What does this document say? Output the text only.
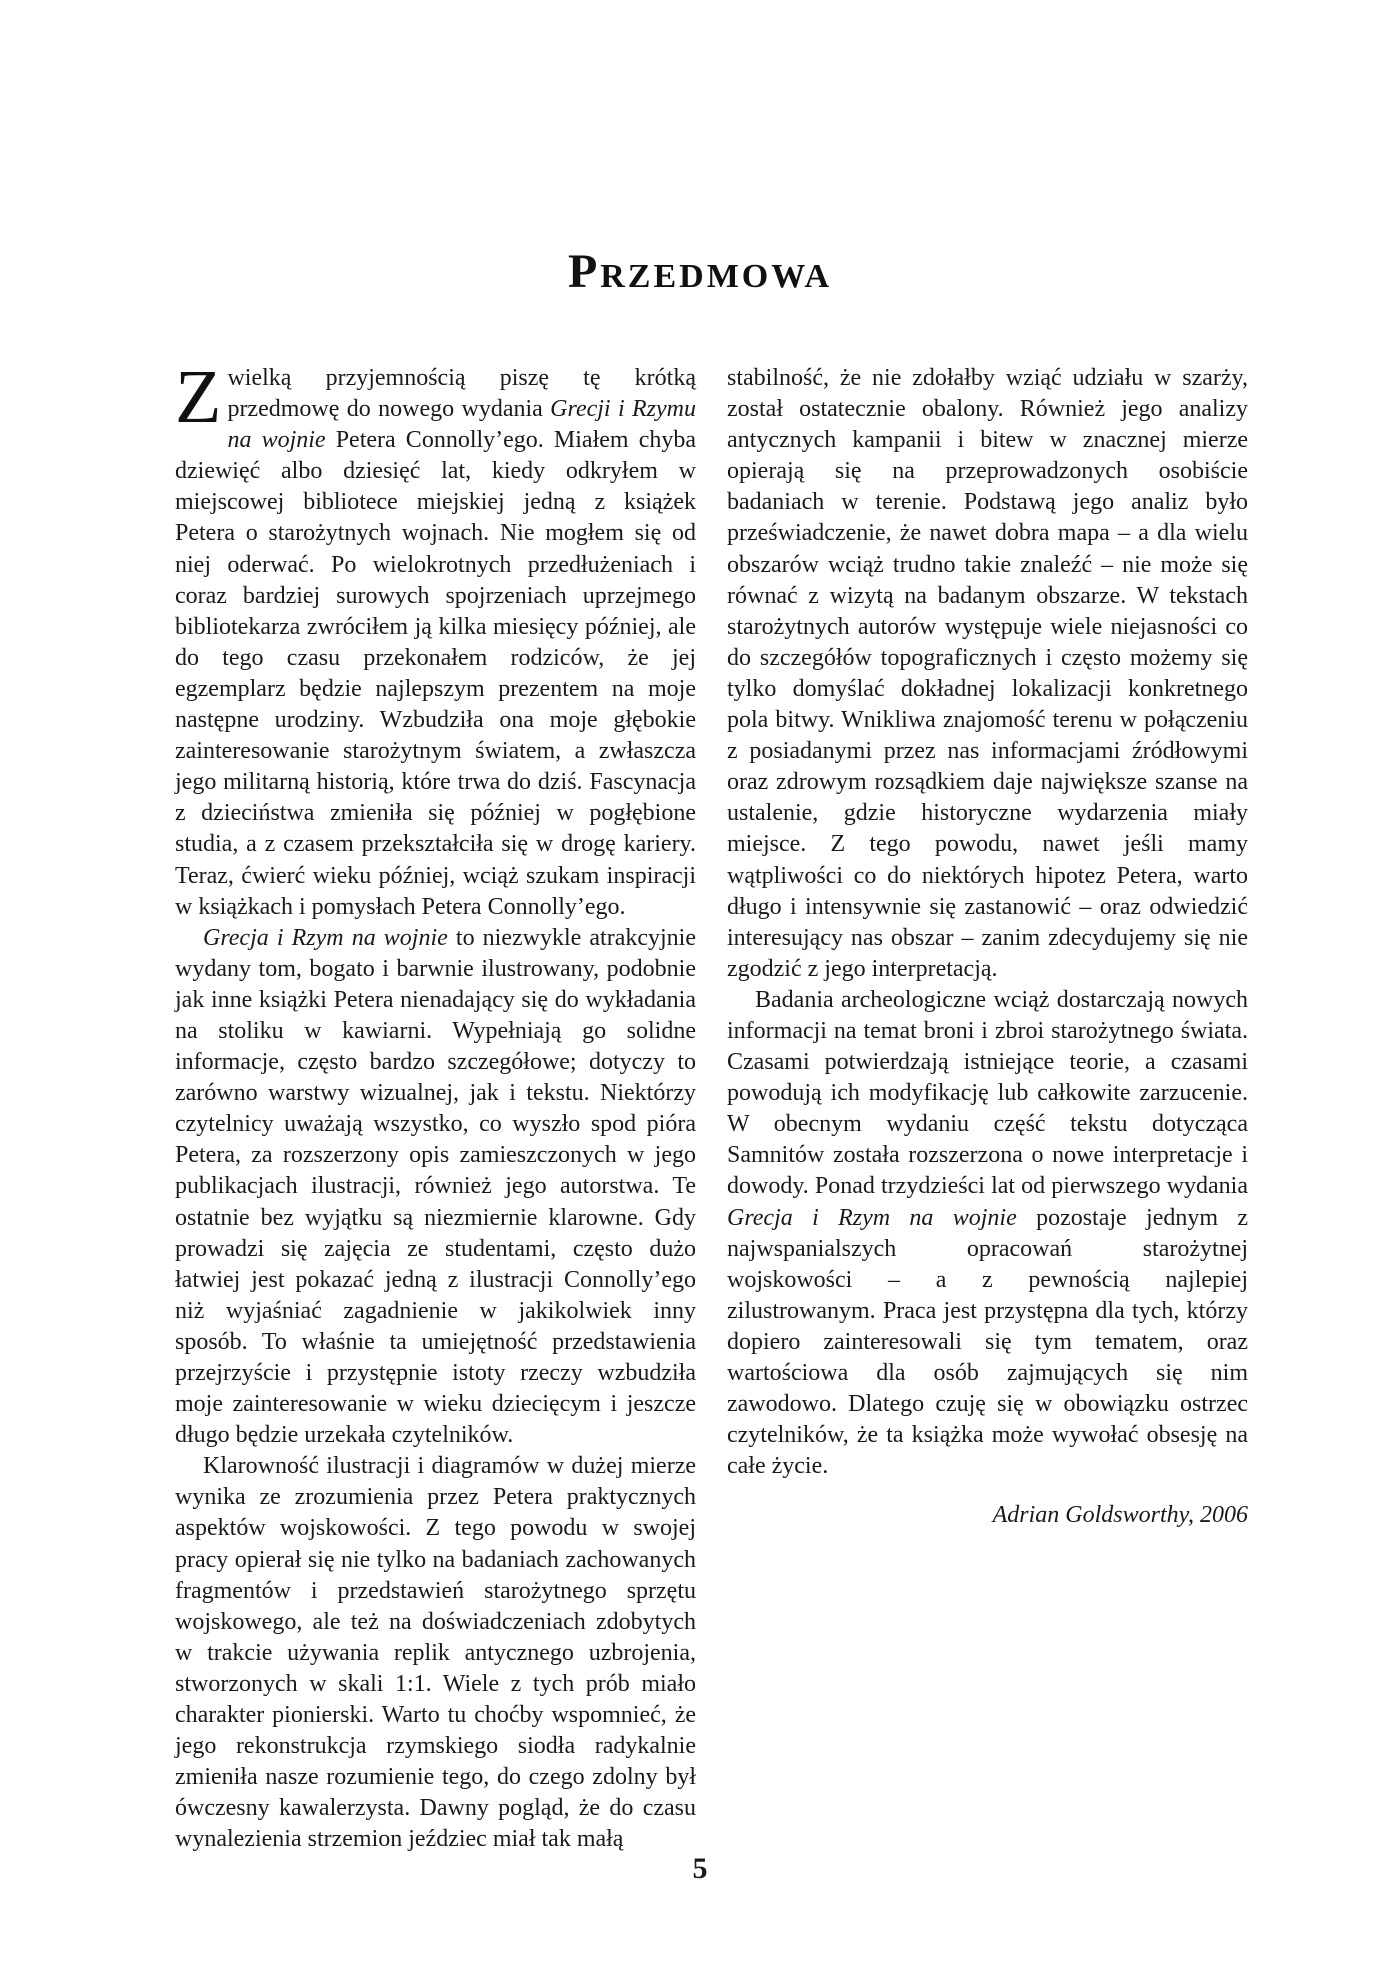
Przedmowa

Z wielką przyjemnością piszę tę krótką przedmowę do nowego wydania Grecji i Rzymu na wojnie Petera Connolly’ego. Miałem chyba dziewięć albo dziesięć lat, kiedy odkryłem w miejscowej bibliotece miejskiej jedną z książek Petera o starożytnych wojnach. Nie mogłem się od niej oderwać. Po wielokrotnych przedłużeniach i coraz bardziej surowych spojrzeniach uprzejmego bibliotekarza zwróciłem ją kilka miesięcy później, ale do tego czasu przekonałem rodziców, że jej egzemplarz będzie najlepszym prezentem na moje następne urodziny. Wzbudziła ona moje głębokie zainteresowanie starożytnym światem, a zwłaszcza jego militarną historią, które trwa do dziś. Fascynacja z dzieciństwa zmieniła się później w pogłębione studia, a z czasem przekształciła się w drogę kariery. Teraz, ćwierć wieku później, wciąż szukam inspiracji w książkach i pomysłach Petera Connolly’ego.

Grecja i Rzym na wojnie to niezwykle atrakcyjnie wydany tom, bogato i barwnie ilustrowany, podobnie jak inne książki Petera nienadający się do wykładania na stoliku w kawiarni. Wypełniają go solidne informacje, często bardzo szczegółowe; dotyczy to zarówno warstwy wizualnej, jak i tekstu. Niektórzy czytelnicy uważają wszystko, co wyszło spod pióra Petera, za rozszerzony opis zamieszczonych w jego publikacjach ilustracji, również jego autorstwa. Te ostatnie bez wyjątku są niezmiernie klarowne. Gdy prowadzi się zajęcia ze studentami, często dużo łatwiej jest pokazać jedną z ilustracji Connolly’ego niż wyjaśniać zagadnienie w jakikolwiek inny sposób. To właśnie ta umiejętność przedstawienia przejrzyście i przystępnie istoty rzeczy wzbudziła moje zainteresowanie w wieku dziecięcym i jeszcze długo będzie urzekała czytelników.

Klarowność ilustracji i diagramów w dużej mierze wynika ze zrozumienia przez Petera praktycznych aspektów wojskowości. Z tego powodu w swojej pracy opierał się nie tylko na badaniach zachowanych fragmentów i przedstawień starożytnego sprzętu wojskowego, ale też na doświadczeniach zdobytych w trakcie używania replik antycznego uzbrojenia, stworzonych w skali 1:1. Wiele z tych prób miało charakter pionierski. Warto tu choćby wspomnieć, że jego rekonstrukcja rzymskiego siodła radykalnie zmieniła nasze rozumienie tego, do czego zdolny był ówczesny kawalerzysta. Dawny pogląd, że do czasu wynalezienia strzemion jeździec miał tak małą

stabilność, że nie zdołałby wziąć udziału w szarży, został ostatecznie obalony. Również jego analizy antycznych kampanii i bitew w znacznej mierze opierają się na przeprowadzonych osobiście badaniach w terenie. Podstawą jego analiz było przeświadczenie, że nawet dobra mapa – a dla wielu obszarów wciąż trudno takie znaleźć – nie może się równać z wizytą na badanym obszarze. W tekstach starożytnych autorów występuje wiele niejasności co do szczegółów topograficznych i często możemy się tylko domyślać dokładnej lokalizacji konkretnego pola bitwy. Wnikliwa znajomość terenu w połączeniu z posiadanymi przez nas informacjami źródłowymi oraz zdrowym rozsądkiem daje największe szanse na ustalenie, gdzie historyczne wydarzenia miały miejsce. Z tego powodu, nawet jeśli mamy wątpliwości co do niektórych hipotez Petera, warto długo i intensywnie się zastanowić – oraz odwiedzić interesujący nas obszar – zanim zdecydujemy się nie zgodzić z jego interpretacją.

Badania archeologiczne wciąż dostarczają nowych informacji na temat broni i zbroi starożytnego świata. Czasami potwierdzają istniejące teorie, a czasami powodują ich modyfikację lub całkowite zarzucenie. W obecnym wydaniu część tekstu dotycząca Samnitów została rozszerzona o nowe interpretacje i dowody. Ponad trzydzieści lat od pierwszego wydania Grecja i Rzym na wojnie pozostaje jednym z najwspanialszych opracowań starożytnej wojskowości – a z pewnością najlepiej zilustrowanym. Praca jest przystępna dla tych, którzy dopiero zainteresowali się tym tematem, oraz wartościowa dla osób zajmujących się nim zawodowo. Dlatego czuję się w obowiązku ostrzec czytelników, że ta książka może wywołać obsesję na całe życie.

Adrian Goldsworthy, 2006

5
